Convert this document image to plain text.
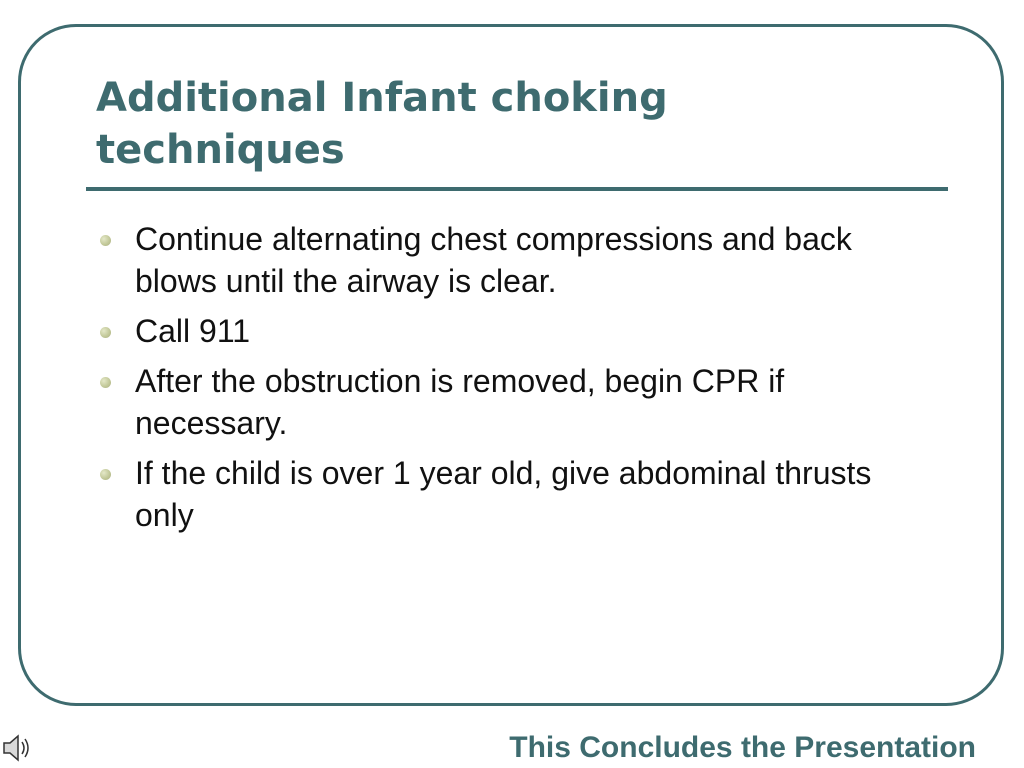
Additional Infant choking techniques
Continue alternating chest compressions and back blows until the airway is clear.
Call 911
After the obstruction is removed, begin CPR if necessary.
If the child is over 1 year old, give abdominal thrusts only

This Concludes the Presentation
